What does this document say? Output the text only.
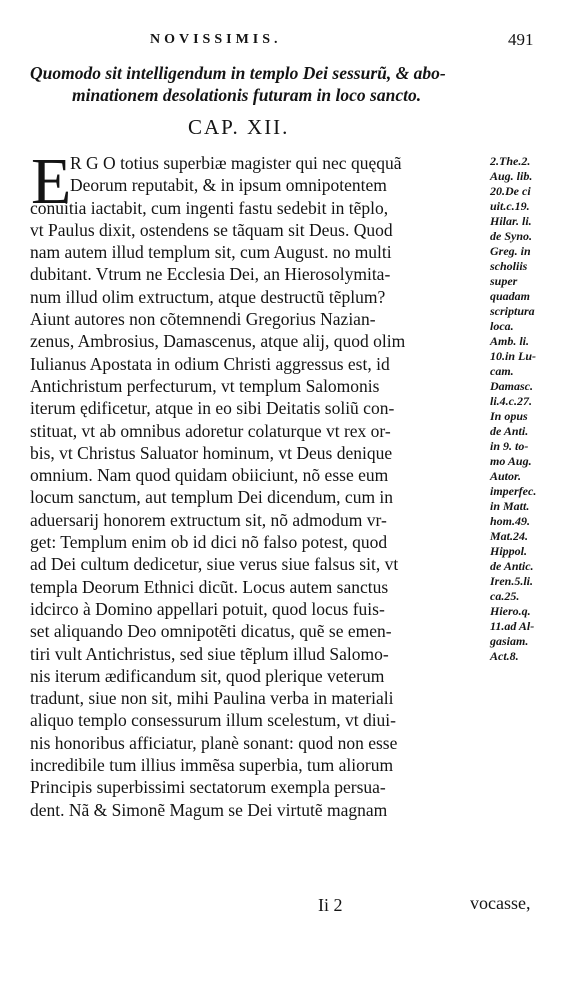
NOVISSIMIS.	491
Quomodo sit intelligendum in templo Dei sessurũ, & abo-
minationem desolationis futuram in loco sancto.
CAP. XII.
E
R G O totius superbiæ magister qui nec quęquã
Deorum reputabit, & in ipsum omnipotentem
conuitia iactabit, cum ingenti fastu sedebit in tẽplo,
vt Paulus dixit, ostendens se tãquam sit Deus. Quod
nam autem illud templum sit, cum August. no multi
dubitant. Vtrum ne Ecclesia Dei, an Hierosolymita-
num illud olim extructum, atque destructũ tẽplum?
Aiunt autores non cõtemnendi Gregorius Nazian-
zenus, Ambrosius, Damascenus, atque alij, quod olim
Iulianus Apostata in odium Christi aggressus est, id
Antichristum perfecturum, vt templum Salomonis
iterum ędificetur, atque in eo sibi Deitatis soliũ con-
stituat, vt ab omnibus adoretur colaturque vt rex or-
bis, vt Christus Saluator hominum, vt Deus denique
omnium. Nam quod quidam obiiciunt, nõ esse eum
locum sanctum, aut templum Dei dicendum, cum in
aduersarij honorem extructum sit, nõ admodum vr-
get: Templum enim ob id dici nõ falso potest, quod
ad Dei cultum dedicetur, siue verus siue falsus sit, vt
templa Deorum Ethnici dicũt. Locus autem sanctus
idcirco à Domino appellari potuit, quod locus fuis-
set aliquando Deo omnipotẽti dicatus, quẽ se emen-
tiri vult Antichristus, sed siue tẽplum illud Salomo-
nis iterum ædificandum sit, quod plerique veterum
tradunt, siue non sit, mihi Paulina verba in materiali
aliquo templo consessurum illum scelestum, vt diui-
nis honoribus afficiatur, planè sonant: quod non esse
incredibile tum illius immẽsa superbia, tum aliorum
Principis superbissimi sectatorum exempla persua-
dent. Nã & Simonẽ Magum se Dei virtutẽ magnam
2.The.2.
Aug. lib.
20.De ci
uit.c.19.
Hilar. li.
de Syno.
Greg. in
scholiis
super
quadam
scriptura
loca.
Amb. li.
10.in Lu-
cam.
Damasc.
li.4.c.27.
In opus
de Anti.
in 9. to-
mo Aug.
Autor.
imperfec.
in Matt.
hom.49.
Mat.24.
Hippol.
de Antic.
Iren.5.li.
ca.25.
Hiero.q.
11.ad Al-
gasiam.
Act.8.
Ii 2	vocasse,
